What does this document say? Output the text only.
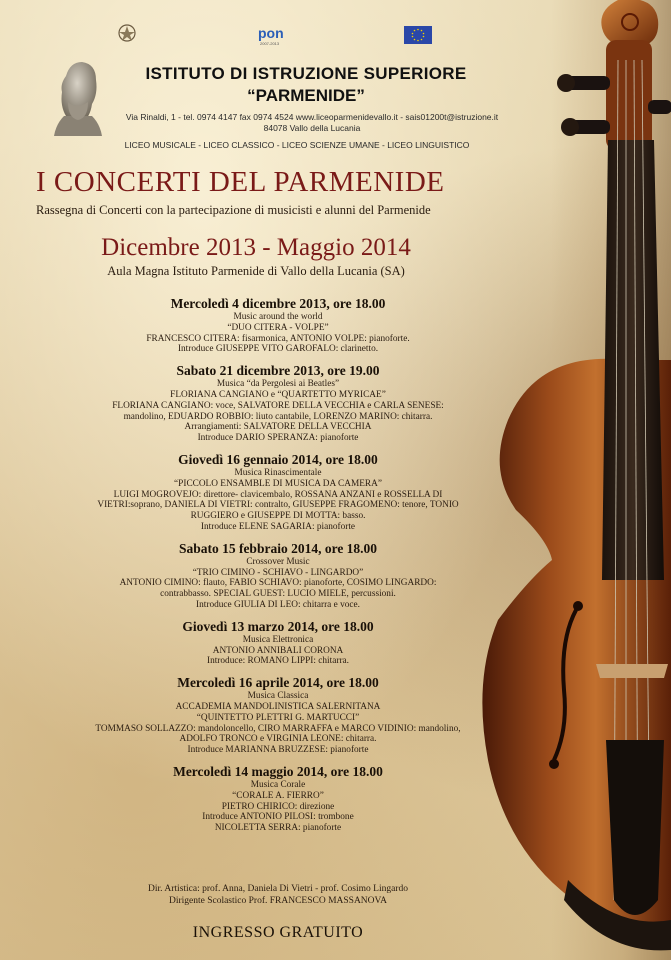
pon
2007-2013
ISTITUTO DI ISTRUZIONE SUPERIORE
“PARMENIDE”
Via Rinaldi, 1 - tel. 0974 4147 fax 0974 4524 www.liceoparmenidevallo.it - sais01200t@istruzione.it
84078 Vallo della Lucania
LICEO MUSICALE - LICEO CLASSICO - LICEO SCIENZE UMANE - LICEO LINGUISTICO
I CONCERTI DEL PARMENIDE
Rassegna di Concerti con la partecipazione di musicisti e alunni del Parmenide
Dicembre 2013 - Maggio 2014
Aula Magna Istituto Parmenide di Vallo della Lucania (SA)
Mercoledì 4 dicembre 2013, ore 18.00
Music around the world
“DUO CITERA - VOLPE”
FRANCESCO CITERA: fisarmonica, ANTONIO VOLPE: pianoforte.
Introduce GIUSEPPE VITO GAROFALO: clarinetto.
Sabato 21 dicembre 2013, ore 19.00
Musica “da Pergolesi ai Beatles”
FLORIANA CANGIANO e “QUARTETTO MYRICAE”
FLORIANA CANGIANO: voce, SALVATORE DELLA VECCHIA e CARLA SENESE:
mandolino, EDUARDO ROBBIO: liuto cantabile, LORENZO MARINO: chitarra.
Arrangiamenti: SALVATORE DELLA VECCHIA
Introduce DARIO SPERANZA: pianoforte
Giovedì 16 gennaio 2014, ore 18.00
Musica Rinascimentale
“PICCOLO ENSAMBLE DI MUSICA DA CAMERA”
LUIGI MOGROVEJO: direttore- clavicembalo, ROSSANA ANZANI e ROSSELLA DI
VIETRI:soprano, DANIELA DI VIETRI: contralto, GIUSEPPE FRAGOMENO: tenore, TONIO
RUGGIERO e GIUSEPPE DI MOTTA: basso.
Introduce ELENE SAGARIA: pianoforte
Sabato 15 febbraio 2014, ore 18.00
Crossover Music
“TRIO CIMINO - SCHIAVO - LINGARDO”
ANTONIO CIMINO: flauto, FABIO SCHIAVO: pianoforte, COSIMO LINGARDO:
contrabbasso. SPECIAL GUEST: LUCIO MIELE, percussioni.
Introduce GIULIA DI LEO: chitarra e voce.
Giovedì 13 marzo 2014, ore 18.00
Musica Elettronica
ANTONIO ANNIBALI CORONA
Introduce: ROMANO LIPPI: chitarra.
Mercoledì 16 aprile 2014, ore 18.00
Musica Classica
ACCADEMIA MANDOLINISTICA SALERNITANA
“QUINTETTO PLETTRI G. MARTUCCI”
TOMMASO SOLLAZZO: mandoloncello, CIRO MARRAFFA e MARCO VIDINIO: mandolino,
ADOLFO TRONCO e VIRGINIA LEONE: chitarra.
Introduce MARIANNA BRUZZESE: pianoforte
Mercoledì 14 maggio 2014, ore 18.00
Musica Corale
“CORALE A. FIERRO”
PIETRO CHIRICO: direzione
Introduce ANTONIO PILOSI: trombone
NICOLETTA SERRA: pianoforte
Dir. Artistica: prof. Anna, Daniela Di Vietri - prof. Cosimo Lingardo
Dirigente Scolastico Prof. FRANCESCO MASSANOVA
INGRESSO GRATUITO
